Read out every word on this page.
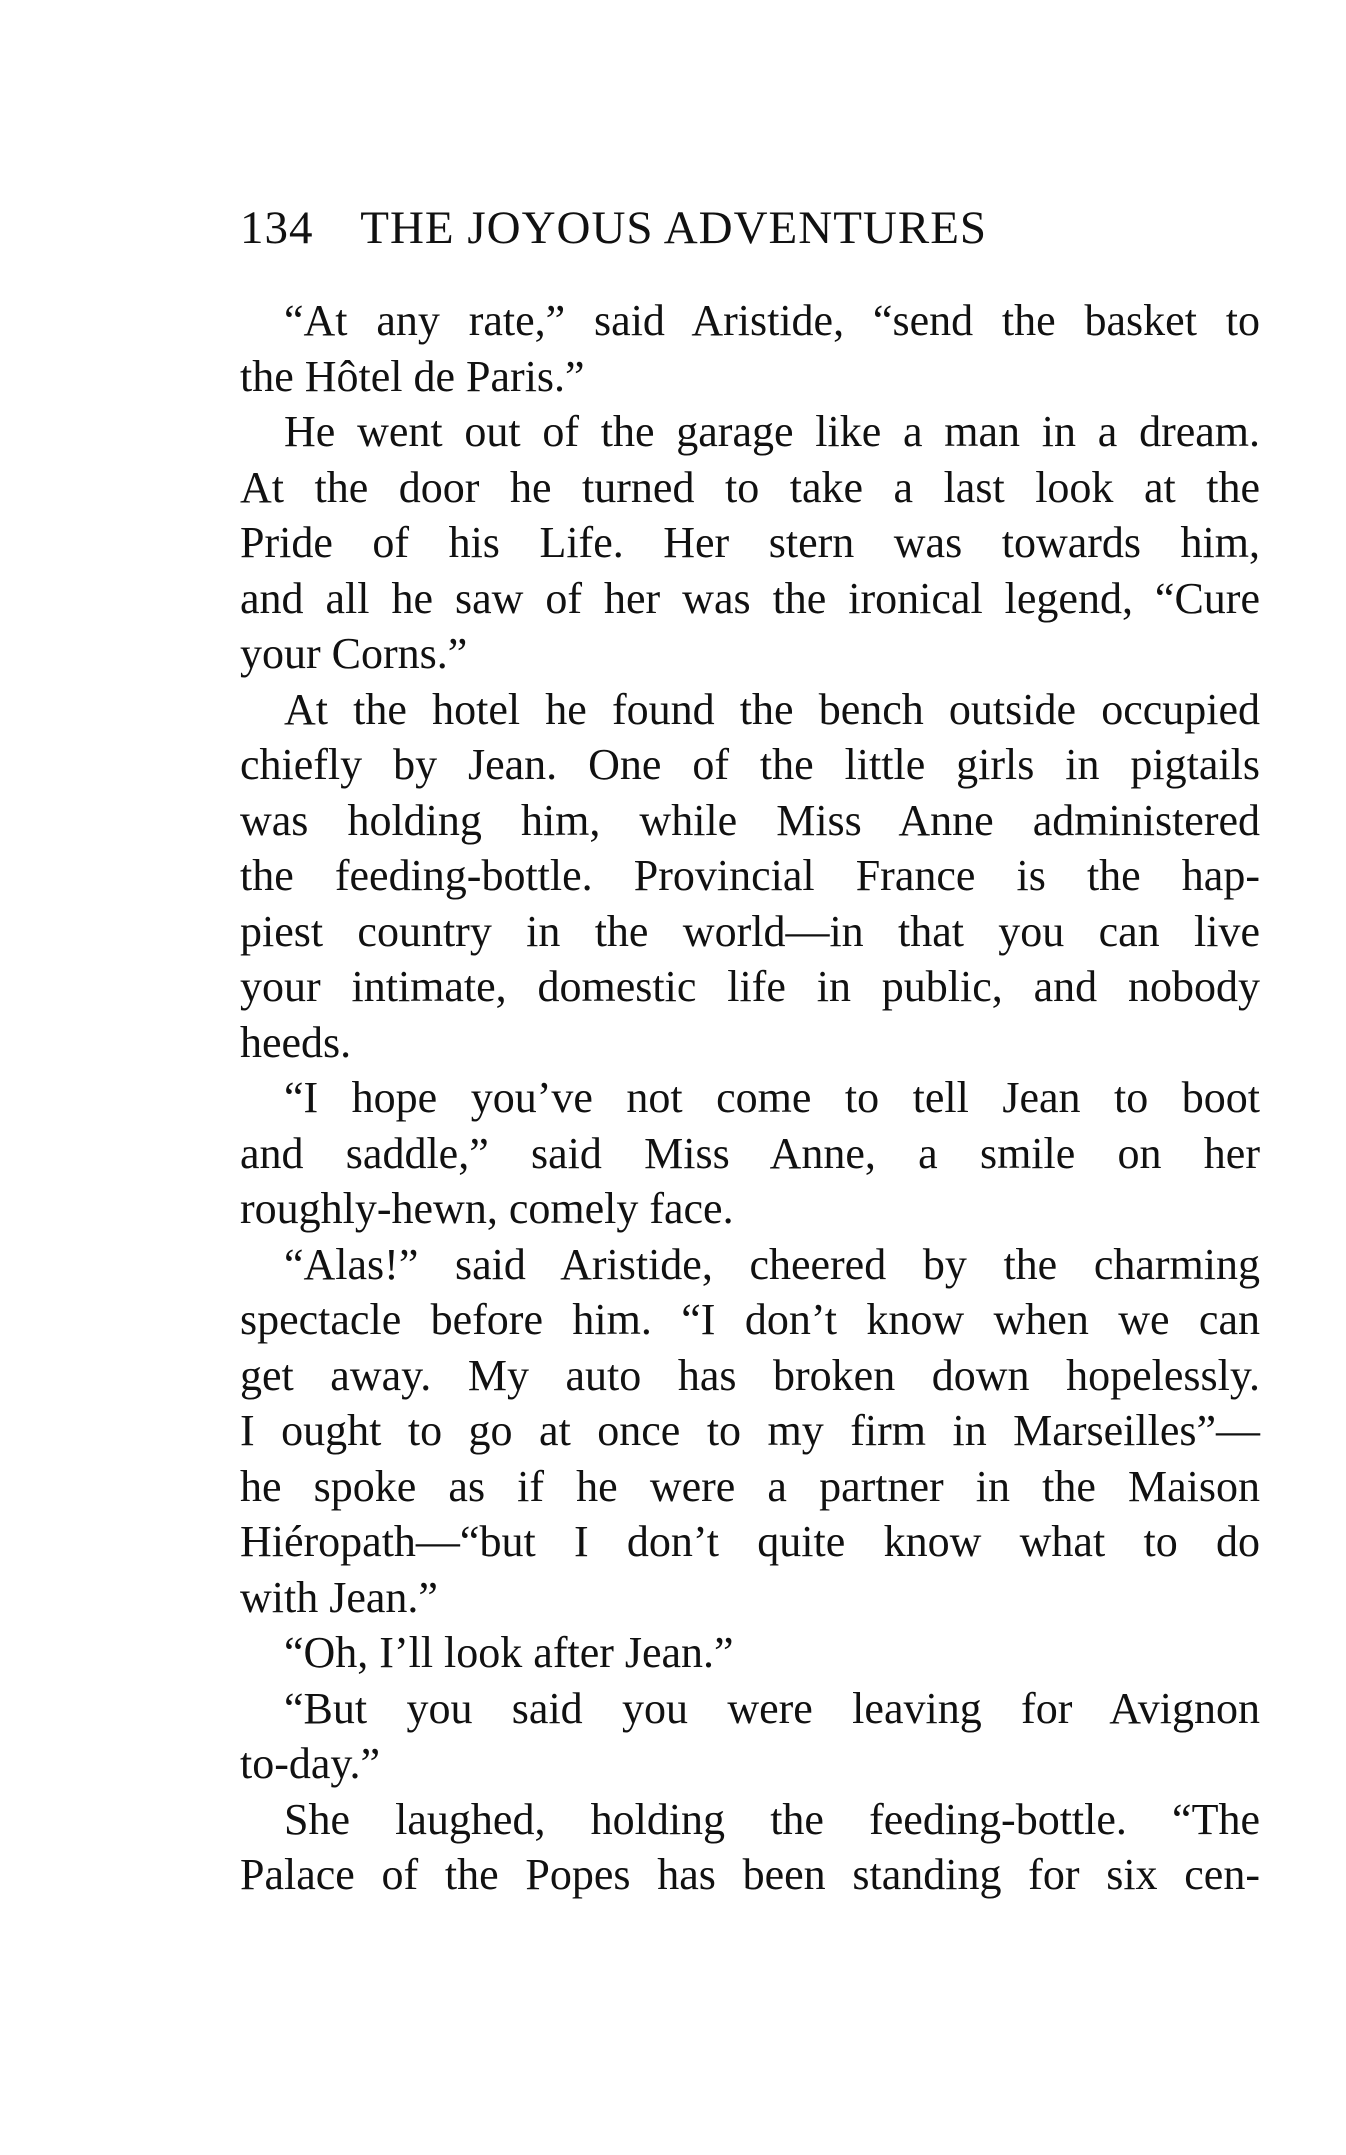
134 THE JOYOUS ADVENTURES
“At any rate,” said Aristide, “send the basket to
the Hôtel de Paris.”
He went out of the garage like a man in a dream.
At the door he turned to take a last look at the
Pride of his Life. Her stern was towards him,
and all he saw of her was the ironical legend, “Cure
your Corns.”
At the hotel he found the bench outside occupied
chiefly by Jean. One of the little girls in pigtails
was holding him, while Miss Anne administered
the feeding-bottle. Provincial France is the hap-
piest country in the world—in that you can live
your intimate, domestic life in public, and nobody
heeds.
“I hope you’ve not come to tell Jean to boot
and saddle,” said Miss Anne, a smile on her
roughly-hewn, comely face.
“Alas!” said Aristide, cheered by the charming
spectacle before him. “I don’t know when we can
get away. My auto has broken down hopelessly.
I ought to go at once to my firm in Marseilles”—
he spoke as if he were a partner in the Maison
Hiéropath—“but I don’t quite know what to do
with Jean.”
“Oh, I’ll look after Jean.”
“But you said you were leaving for Avignon
to-day.”
She laughed, holding the feeding-bottle. “The
Palace of the Popes has been standing for six cen-
